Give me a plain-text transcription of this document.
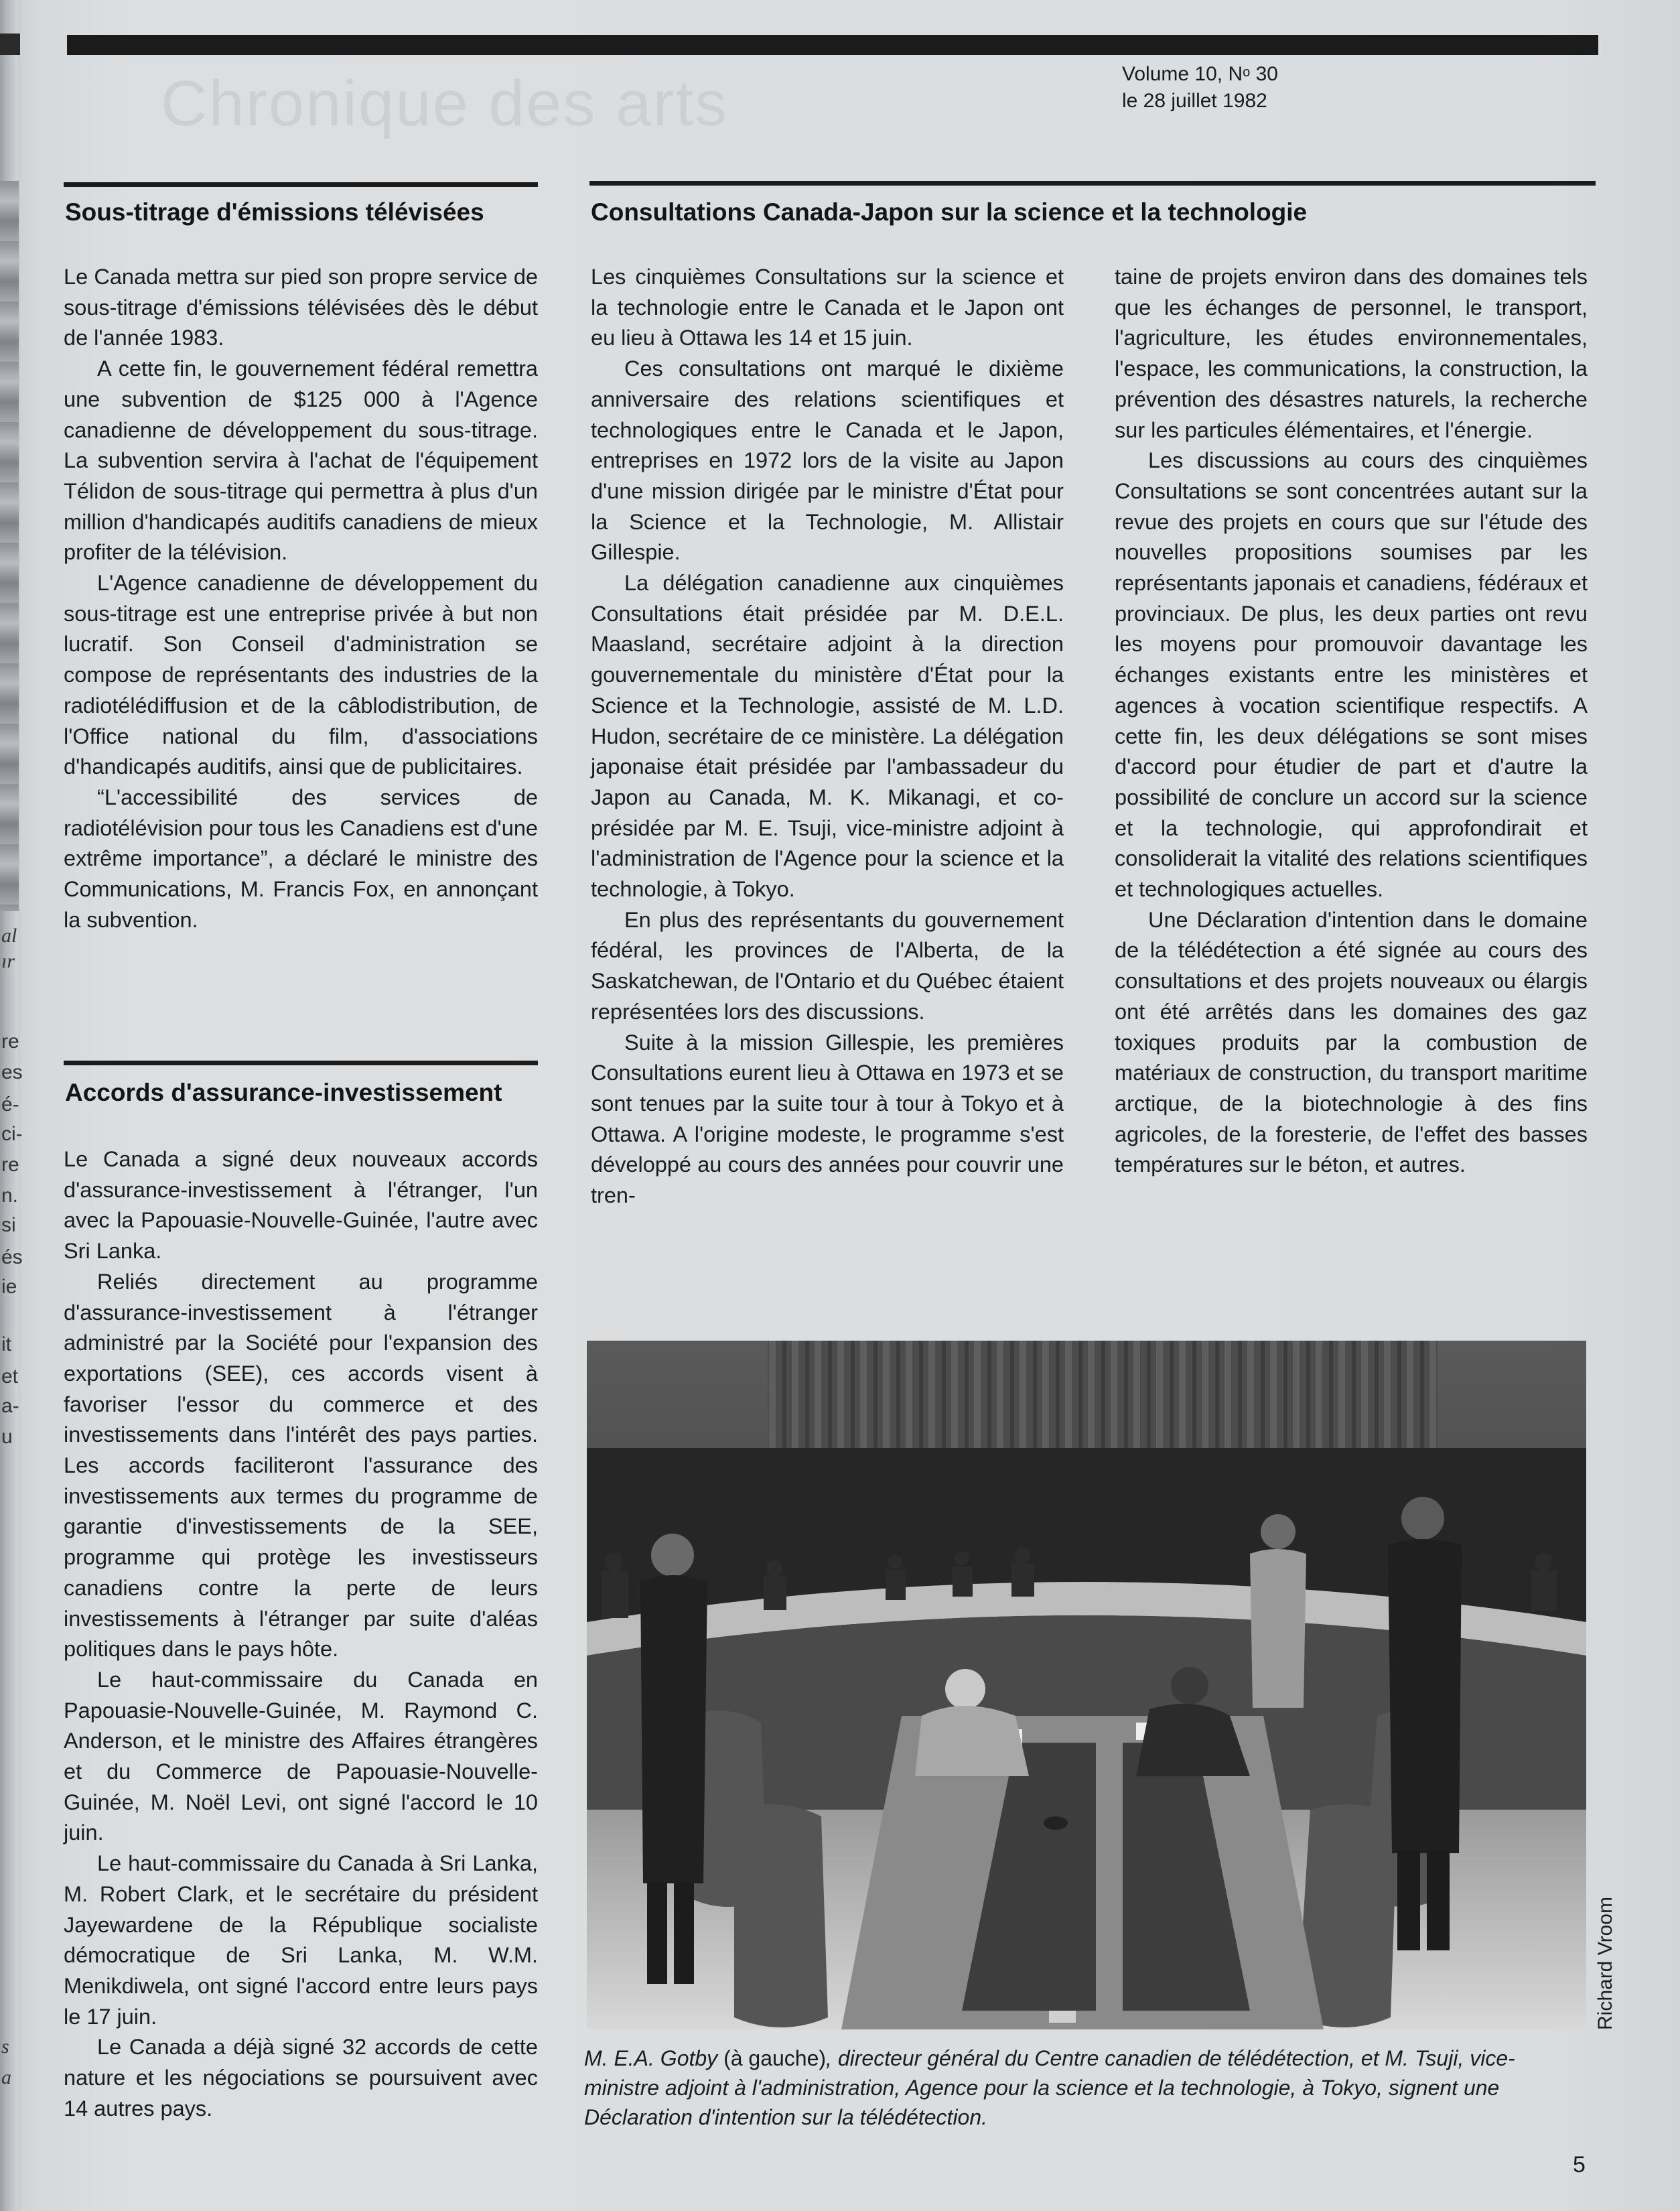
al
ır
re
es
é-
ci-
re
n.
si
és
ie
it
et
a-
u
s
a
Chronique des arts	Volume 10, $N^o$ 30
le 28 juillet 1982
Sous-titrage d'émissions télévisées

Le Canada mettra sur pied son propre service de sous-titrage d'émissions télévisées dès le début de l'année 1983.

A cette fin, le gouvernement fédéral remettra une subvention de $125 000 à l'Agence canadienne de développement du sous-titrage. La subvention servira à l'achat de l'équipement Télidon de sous-titrage qui permettra à plus d'un million d'handicapés auditifs canadiens de mieux profiter de la télévision.

L'Agence canadienne de développement du sous-titrage est une entreprise privée à but non lucratif. Son Conseil d'administration se compose de représentants des industries de la radiotélédiffusion et de la câblodistribution, de l'Office national du film, d'associations d'handicapés auditifs, ainsi que de publicitaires.

“L'accessibilité des services de radiotélévision pour tous les Canadiens est d'une extrême importance”, a déclaré le ministre des Communications, M. Francis Fox, en annonçant la subvention.

Accords d'assurance-investissement

Le Canada a signé deux nouveaux accords d'assurance-investissement à l'étranger, l'un avec la Papouasie-Nouvelle-Guinée, l'autre avec Sri Lanka.

Reliés directement au programme d'assurance-investissement à l'étranger administré par la Société pour l'expansion des exportations (SEE), ces accords visent à favoriser l'essor du commerce et des investissements dans l'intérêt des pays parties. Les accords faciliteront l'assurance des investissements aux termes du programme de garantie d'investissements de la SEE, programme qui protège les investisseurs canadiens contre la perte de leurs investissements à l'étranger par suite d'aléas politiques dans le pays hôte.

Le haut-commissaire du Canada en Papouasie-Nouvelle-Guinée, M. Raymond C. Anderson, et le ministre des Affaires étrangères et du Commerce de Papouasie-Nouvelle-Guinée, M. Noël Levi, ont signé l'accord le 10 juin.

Le haut-commissaire du Canada à Sri Lanka, M. Robert Clark, et le secrétaire du président Jayewardene de la République socialiste démocratique de Sri Lanka, M. W.M. Menikdiwela, ont signé l'accord entre leurs pays le 17 juin.

Le Canada a déjà signé 32 accords de cette nature et les négociations se poursuivent avec 14 autres pays.

Consultations Canada-Japon sur la science et la technologie

Les cinquièmes Consultations sur la science et la technologie entre le Canada et le Japon ont eu lieu à Ottawa les 14 et 15 juin.

Ces consultations ont marqué le dixième anniversaire des relations scientifiques et technologiques entre le Canada et le Japon, entreprises en 1972 lors de la visite au Japon d'une mission dirigée par le ministre d'État pour la Science et la Technologie, M. Allistair Gillespie.

La délégation canadienne aux cinquièmes Consultations était présidée par M. D.E.L. Maasland, secrétaire adjoint à la direction gouvernementale du ministère d'État pour la Science et la Technologie, assisté de M. L.D. Hudon, secrétaire de ce ministère. La délégation japonaise était présidée par l'ambassadeur du Japon au Canada, M. K. Mikanagi, et co-présidée par M. E. Tsuji, vice-ministre adjoint à l'administration de l'Agence pour la science et la technologie, à Tokyo.

En plus des représentants du gouvernement fédéral, les provinces de l'Alberta, de la Saskatchewan, de l'Ontario et du Québec étaient représentées lors des discussions.

Suite à la mission Gillespie, les premières Consultations eurent lieu à Ottawa en 1973 et se sont tenues par la suite tour à tour à Tokyo et à Ottawa. A l'origine modeste, le programme s'est développé au cours des années pour couvrir une tren-

taine de projets environ dans des domaines tels que les échanges de personnel, le transport, l'agriculture, les études environnementales, l'espace, les communications, la construction, la prévention des désastres naturels, la recherche sur les particules élémentaires, et l'énergie.

Les discussions au cours des cinquièmes Consultations se sont concentrées autant sur la revue des projets en cours que sur l'étude des nouvelles propositions soumises par les représentants japonais et canadiens, fédéraux et provinciaux. De plus, les deux parties ont revu les moyens pour promouvoir davantage les échanges existants entre les ministères et agences à vocation scientifique respectifs. A cette fin, les deux délégations se sont mises d'accord pour étudier de part et d'autre la possibilité de conclure un accord sur la science et la technologie, qui approfondirait et consoliderait la vitalité des relations scientifiques et technologiques actuelles.

Une Déclaration d'intention dans le domaine de la télédétection a été signée au cours des consultations et des projets nouveaux ou élargis ont été arrêtés dans les domaines des gaz toxiques produits par la combustion de matériaux de construction, du transport maritime arctique, de la biotechnologie à des fins agricoles, de la foresterie, de l'effet des basses températures sur le béton, et autres.

Richard Vroom
M. E.A. Gotby (à gauche), directeur général du Centre canadien de télédétection, et M. Tsuji, vice-ministre adjoint à l'administration, Agence pour la science et la technologie, à Tokyo, signent une Déclaration d'intention sur la télédétection.
5
